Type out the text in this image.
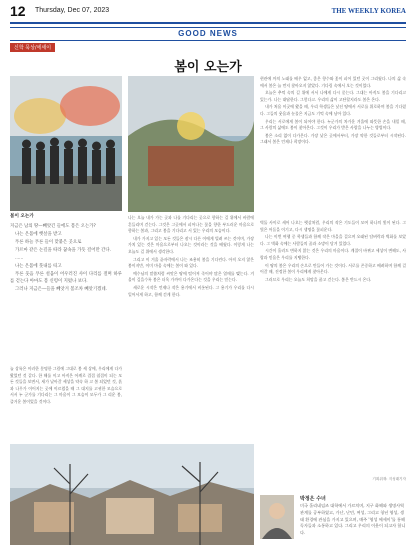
12 Thursday, Dec 07, 2023	THE WEEKLY KOREA
GOOD NEWS
신학 묵상/에세이
봄이 오는가
봄이 오는가

지금은 남의 땅—빼앗긴 들에도 봄은 오는가?

나는 온몸에 햇살을 받고

푸른 하늘 푸른 들이 맞붙은 곳으로

가르마 같은 논길을 따라 꿈속을 가듯 걸어만 간다.

......

나는 온몸에 풋내를 띠고

푸른 웃음 푸른 설움이 어우러진 사이 다리를 절며 하루를 걷는다 아마도 봄 신령이 지폈나 보다.

그러나 지금은—들을 빼앗겨 봄조차 빼앗기겠네.

늘 상륙은 이러한 분명한 그림에 그대로 봄 세 상에, 우리에게 다가왔었던 것 같다. 한 해를 이고 아직은 어깨로 겹겹 첩겹이 되는 모 든 것들을 보면서, 새가 날아갈 세상을 약속 하 고 봄 되었던 것, 흙과 나무가 이어지는 곳에 이르렀을 때 그 대지를 고귀한 모습으로 서서 누 군가를 기다리는 그 마음이 그 모습이 모두가 그 리운 봄, 즐거운 봄이었을 것이다.

나는 오늘 내가 가는 곳과 나를 기다리는 곳으로 향하는 길 위에서 바람에 흔들리며 걷는다. 그것은 그곳에서 피어나는 꽃을 향한 부드러운 마음으로 향하는 봄과, 그리고 봄을 기다리고 서 있는 우리의 모습이다.

내가 가지고 있는 모든 것들은 잠시 다른 이에게 빌려 쓰는 것이며, 가장 가치 있는 것은 마음으로부터 나오는 것이라는 것을 배웠다. 이렇게 나는 오늘도 길 위에서 생각한다.

그리고 이 겨울 끝자락에서 나는 조용히 봄을 기다린다. 아직 오지 않은 봄이지만, 이미 마음 속에는 봄이 와 있다.

예수님의 말씀처럼 씨앗은 땅에 떨어져 죽어야 많은 열매를 맺는다. 겨울이 깊을수록 봄은 더욱 가까이 다가온다는 것을 우리는 믿는다.

새로운 시작은 언제나 작은 용기에서 비롯된다. 그 용기가 우리를 다시 일어서게 하고, 함께 걷게 한다.

현관에 까치 노래를 배우 없고, 좋은 향수와 꽃이 피어 있던 곳이 그리웠다. 나의 삶 속에서 봄은 늘 먼저 찾아오지 않았다. 기다림 속에서 오는 것이었다.

오늘은 추억 속의 길 위에 서서 나에게 다시 묻는다. 그대는 아직도 봄을 기다리고 있는가. 나는 대답한다. 그렇다고. 우리의 삶이 고단할지라도 봄은 온다.

내가 처음 이곳에 왔을 때, 우리 학생들은 낯선 땅에서 서로를 위로하며 봄을 기다렸다. 그들의 웃음과 눈물은 지금도 기억 속에 남아 있다.

우리는 서로에게 봄이 되어야 한다. 누군가의 차가운 겨울에 따뜻한 손을 내밀 때, 그 사람의 삶에도 봄이 찾아온다. 그것이 우리가 받은 사랑을 나누는 방법이다.

봄은 소리 없이 다가온다. 가장 낮은 곳에서부터, 가장 약한 것들로부터 시작된다. 그래서 봄은 언제나 희망이다.

벽돌 사이로 새어 나오는 햇살처럼, 우리의 작은 기도들이 모여 하나의 빛이 된다. 그 빛은 어둠을 이기고, 다시 생명을 꽃피운다.

나는 이번 여행 중 학생들과 함께 작은 마을을 걸으며 오래된 담벼락과 벽화를 보았다. 그 벽화 속에는 사람들의 꿈과 소망이 담겨 있었다.

시간이 흘러도 변하지 않는 것은 우리의 마음이다. 계절이 바뀌고 세상이 변해도, 사랑과 믿음은 우리를 지탱한다.

이 땅의 봄은 우리의 손으로 만들어 가는 것이다. 서로를 존중하고 배려하며 함께 걸어갈 때, 진정한 봄이 우리에게 찾아온다.

그러므로 우리는 오늘도 희망을 품고 걷는다. 봄은 반드시 온다.

기획취재: 지성래기자
박정은 수녀
미국 홀리네임즈 대학에서 가르치며, 지구 화해와 생명사역 관계를 공부하였고, 가난, 난민, 여성, 그리고 청년 영성, 생태 환경에 관심을 가지고 있으며, 매주 '영성 에세이'를 통해 독자들과 소통하고 있다. 그리고 우리의 이웃이 되고자 합니다.
